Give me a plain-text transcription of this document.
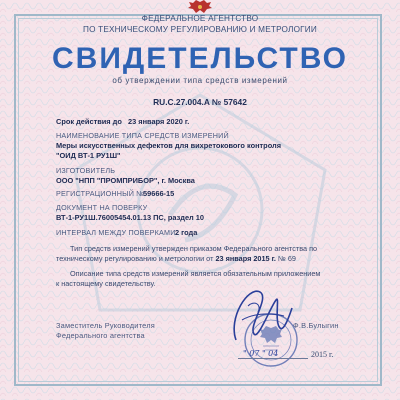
ФЕДЕРАЛЬНОЕ АГЕНТСТВО
ПО ТЕХНИЧЕСКОМУ РЕГУЛИРОВАНИЮ И МЕТРОЛОГИИ
СВИДЕТЕЛЬСТВО
об утверждении типа средств измерений
RU.C.27.004.A № 57642
Срок действия до 23 января 2020 г.
НАИМЕНОВАНИЕ ТИПА СРЕДСТВ ИЗМЕРЕНИЙ
Меры искусственных дефектов для вихретокового контроля
"ОИД ВТ-1 РУ1Ш"
ИЗГОТОВИТЕЛЬ
ООО "НПП "ПРОМПРИБОР", г. Москва
РЕГИСТРАЦИОННЫЙ №
59666-15
ДОКУМЕНТ НА ПОВЕРКУ
ВТ-1-РУ1Ш.76005454.01.13 ПС, раздел 10
ИНТЕРВАЛ МЕЖДУ ПОВЕРКАМИ 2 года
Тип средств измерений утвержден приказом Федерального агентства по
техническому регулированию и метрологии от 23 января 2015 г. № 69
Описание типа средств измерений является обязательным приложением
к настоящему свидетельству.
Заместитель Руководителя
Федерального агентства
Ф.В.Булыгин
" 07 " 04	2015 г.
